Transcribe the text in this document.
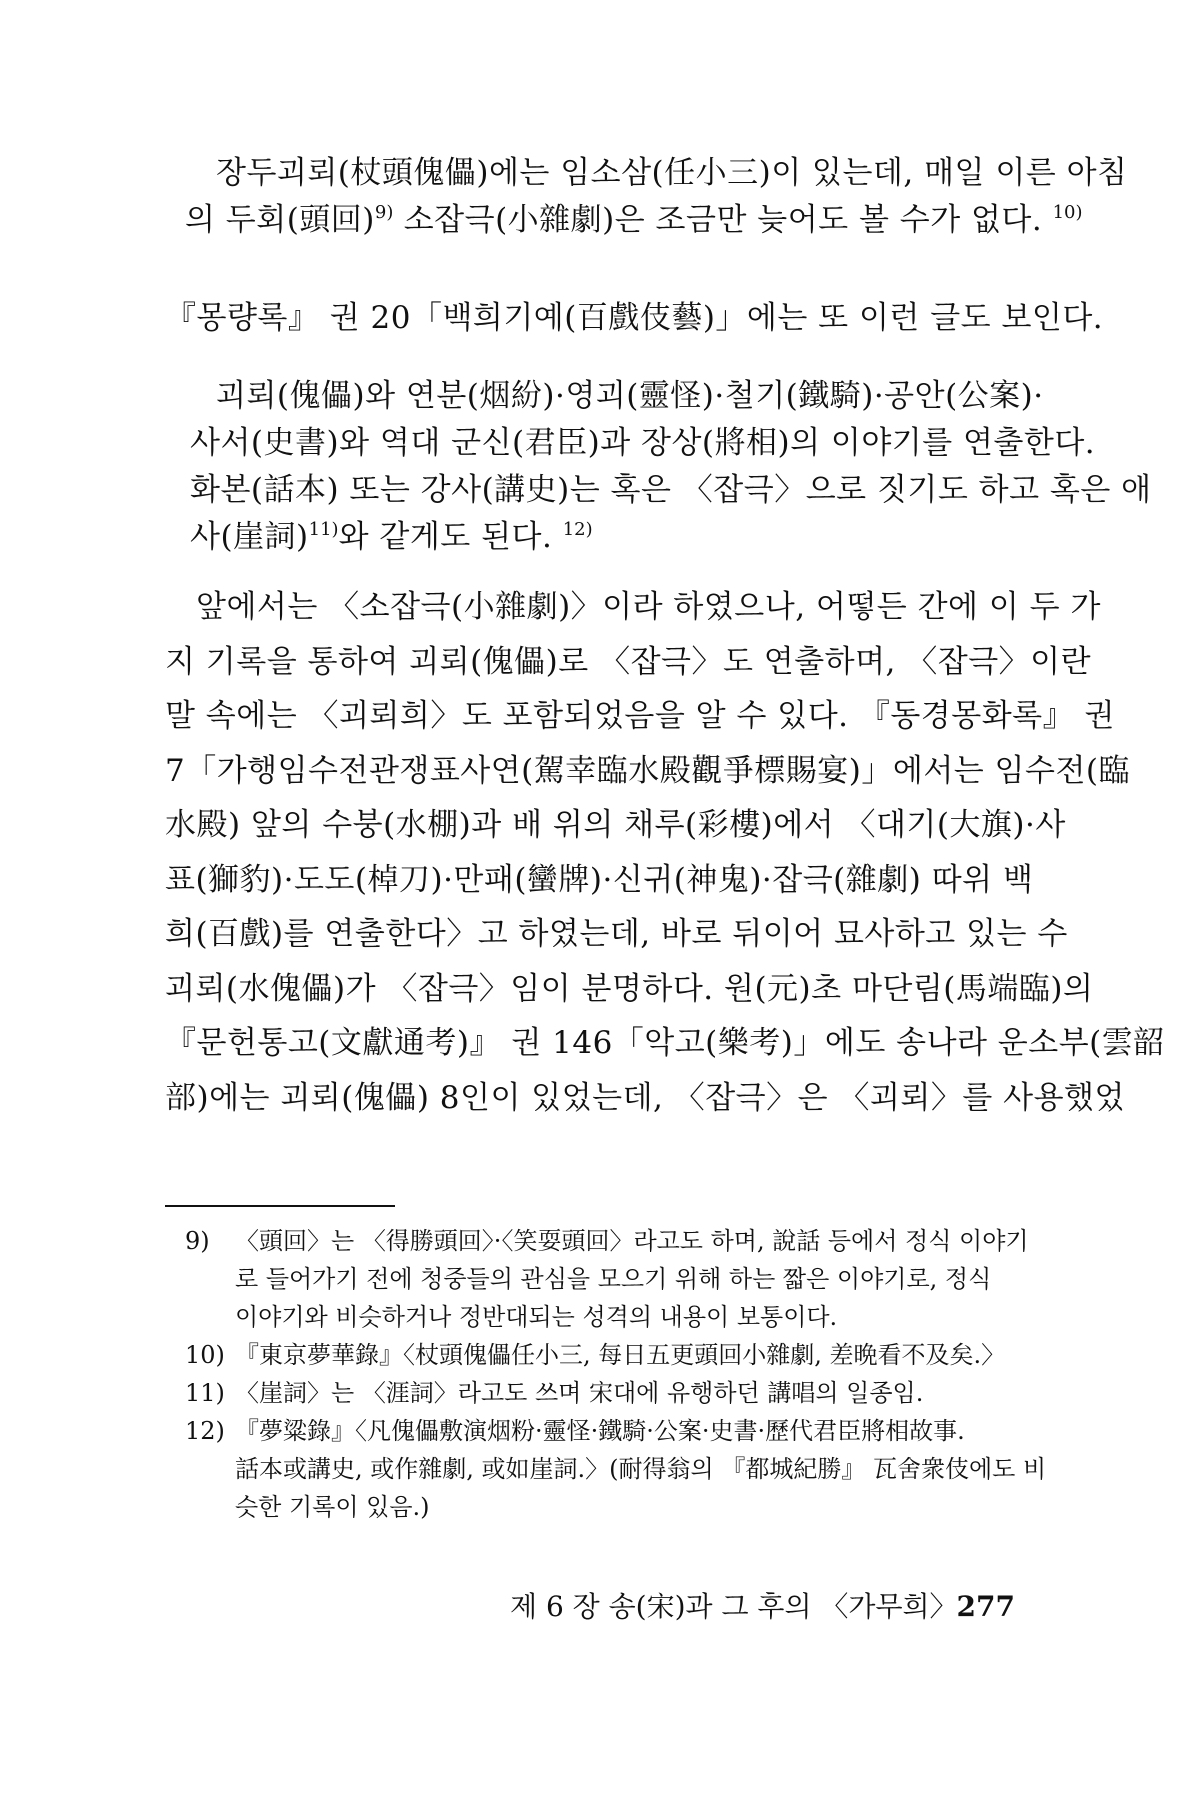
장두괴뢰(杖頭傀儡)에는 임소삼(任小三)이 있는데, 매일 이른 아침
의 두회(頭回)$^{9)}$ 소잡극(小雜劇)은 조금만 늦어도 볼 수가 없다. $^{10)}$
『몽량록』 권 20「백희기예(百戲伎藝)」에는 또 이런 글도 보인다.
괴뢰(傀儡)와 연분(烟紛)·영괴(靈怪)·철기(鐵騎)·공안(公案)·
사서(史書)와 역대 군신(君臣)과 장상(將相)의 이야기를 연출한다.
화본(話本) 또는 강사(講史)는 혹은 〈잡극〉으로 짓기도 하고 혹은 애
사(崖詞)$^{11)}$와 같게도 된다. $^{12)}$
앞에서는 〈소잡극(小雜劇)〉이라 하였으나, 어떻든 간에 이 두 가
지 기록을 통하여 괴뢰(傀儡)로 〈잡극〉도 연출하며, 〈잡극〉이란
말 속에는 〈괴뢰희〉도 포함되었음을 알 수 있다. 『동경몽화록』 권
7「가행임수전관쟁표사연(駕幸臨水殿觀爭標賜宴)」에서는 임수전(臨
水殿) 앞의 수붕(水棚)과 배 위의 채루(彩樓)에서 〈대기(大旗)·사
표(獅豹)·도도(棹刀)·만패(蠻牌)·신귀(神鬼)·잡극(雜劇) 따위 백
희(百戲)를 연출한다〉고 하였는데, 바로 뒤이어 묘사하고 있는 수
괴뢰(水傀儡)가 〈잡극〉임이 분명하다. 원(元)초 마단림(馬端臨)의
『문헌통고(文獻通考)』 권 146「악고(樂考)」에도 송나라 운소부(雲韶
部)에는 괴뢰(傀儡) 8인이 있었는데, 〈잡극〉은 〈괴뢰〉를 사용했었
9) 〈頭回〉는 〈得勝頭回〉·〈笑耍頭回〉라고도 하며, 說話 등에서 정식 이야기
로 들어가기 전에 청중들의 관심을 모으기 위해 하는 짧은 이야기로, 정식
이야기와 비슷하거나 정반대되는 성격의 내용이 보통이다.
10) 『東京夢華錄』〈杖頭傀儡任小三, 每日五更頭回小雜劇, 差晩看不及矣.〉
11) 〈崖詞〉는 〈涯詞〉라고도 쓰며 宋대에 유행하던 講唱의 일종임.
12) 『夢粱錄』〈凡傀儡敷演烟粉·靈怪·鐵騎·公案·史書·歷代君臣將相故事.
話本或講史, 或作雜劇, 或如崖詞.〉(耐得翁의 『都城紀勝』 瓦舍衆伎에도 비
슷한 기록이 있음.)
제 6 장 송(宋)과 그 후의 〈가무희〉 277
